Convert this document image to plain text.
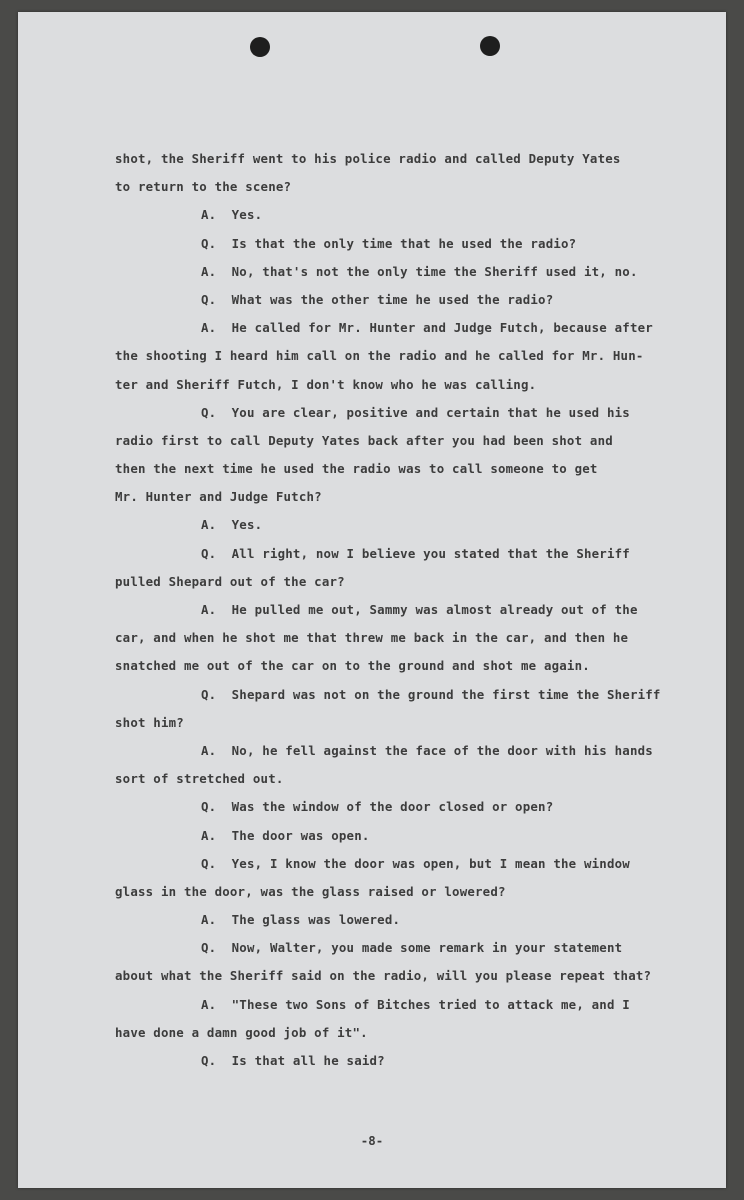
shot, the Sheriff went to his police radio and called Deputy Yates
to return to the scene?
A.  Yes.
Q.  Is that the only time that he used the radio?
A.  No, that's not the only time the Sheriff used it, no.
Q.  What was the other time he used the radio?
A.  He called for Mr. Hunter and Judge Futch, because after
the shooting I heard him call on the radio and he called for Mr. Hun-
ter and Sheriff Futch, I don't know who he was calling.
Q.  You are clear, positive and certain that he used his
radio first to call Deputy Yates back after you had been shot and
then the next time he used the radio was to call someone to get
Mr. Hunter and Judge Futch?
A.  Yes.
Q.  All right, now I believe you stated that the Sheriff
pulled Shepard out of the car?
A.  He pulled me out, Sammy was almost already out of the
car, and when he shot me that threw me back in the car, and then he
snatched me out of the car on to the ground and shot me again.
Q.  Shepard was not on the ground the first time the Sheriff
shot him?
A.  No, he fell against the face of the door with his hands
sort of stretched out.
Q.  Was the window of the door closed or open?
A.  The door was open.
Q.  Yes, I know the door was open, but I mean the window
glass in the door, was the glass raised or lowered?
A.  The glass was lowered.
Q.  Now, Walter, you made some remark in your statement
about what the Sheriff said on the radio, will you please repeat that?
A.  "These two Sons of Bitches tried to attack me, and I
have done a damn good job of it".
Q.  Is that all he said?
-8-
